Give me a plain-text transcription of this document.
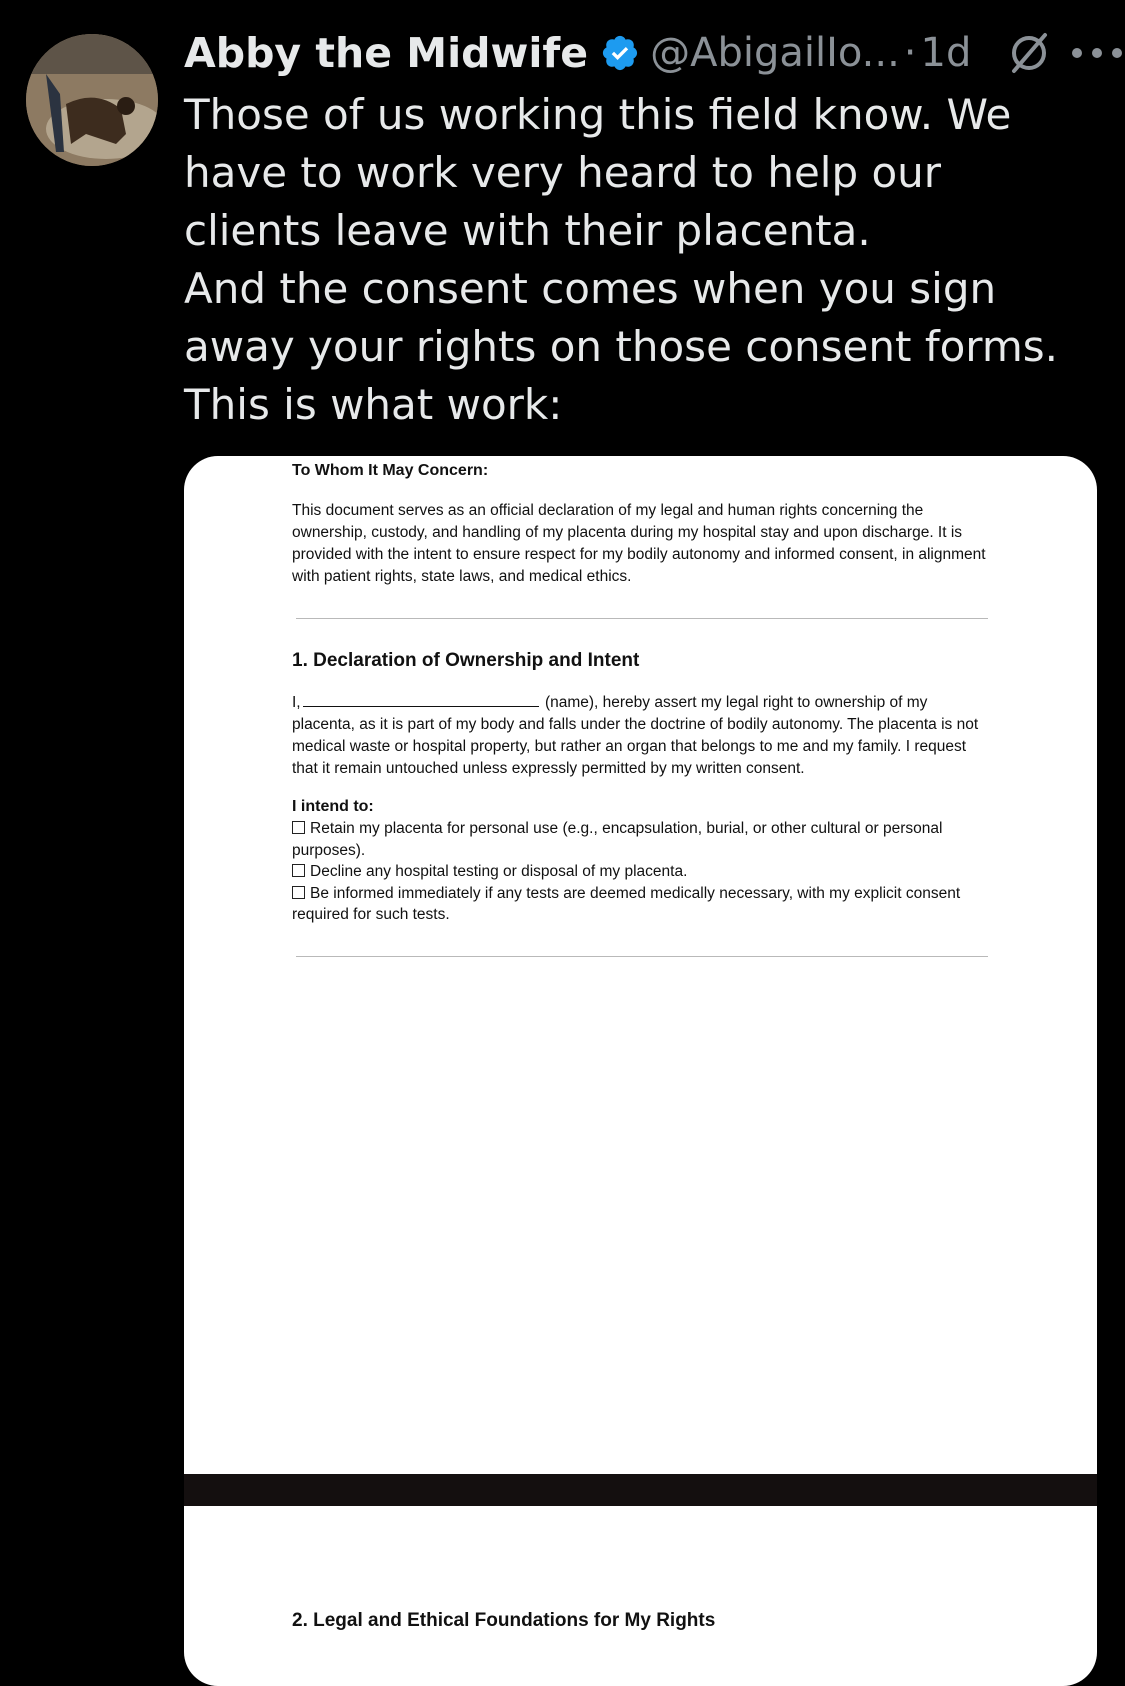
Abby the Midwife @AbigailIo... · 1d

Those of us working this field know. We have to work very heard to help our clients leave with their placenta.
And the consent comes when you sign away your rights on those consent forms. This is what work:

To Whom It May Concern:

This document serves as an official declaration of my legal and human rights concerning the ownership, custody, and handling of my placenta during my hospital stay and upon discharge. It is provided with the intent to ensure respect for my bodily autonomy and informed consent, in alignment with patient rights, state laws, and medical ethics.

1. Declaration of Ownership and Intent

I,	(name), hereby assert my legal right to ownership of my placenta, as it is part of my body and falls under the doctrine of bodily autonomy. The placenta is not medical waste or hospital property, but rather an organ that belongs to me and my family. I request that it remain untouched unless expressly permitted by my written consent.

I intend to:
Retain my placenta for personal use (e.g., encapsulation, burial, or other cultural or personal purposes).
Decline any hospital testing or disposal of my placenta.
Be informed immediately if any tests are deemed medically necessary, with my explicit consent required for such tests.
2. Legal and Ethical Foundations for My Rights
